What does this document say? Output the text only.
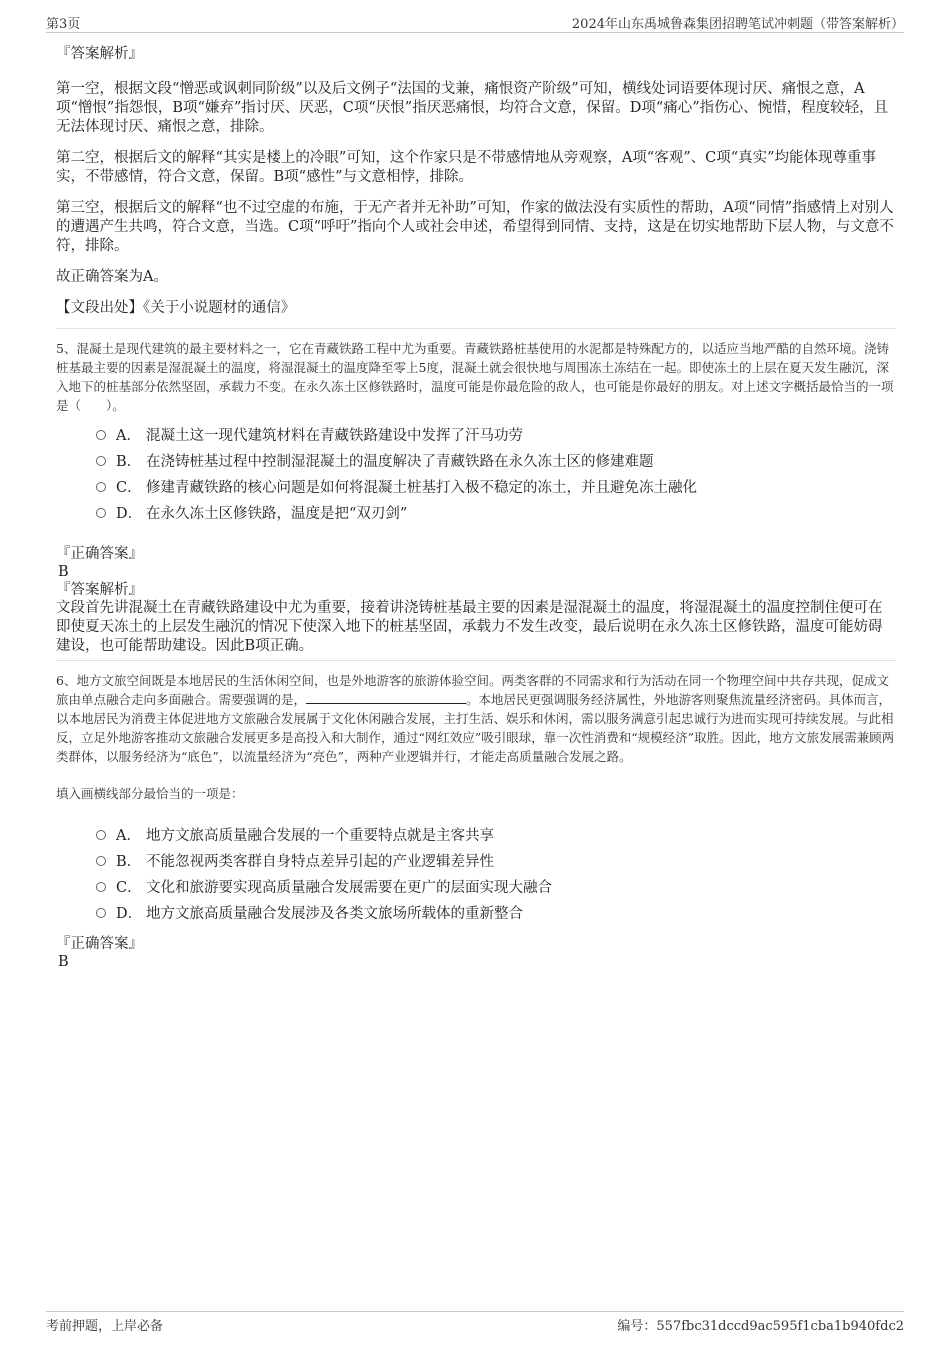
第3页	2024年山东禹城鲁森集团招聘笔试冲刺题（带答案解析）
『答案解析』

第一空，根据文段“憎恶或讽刺同阶级”以及后文例子“法国的戈兼，痛恨资产阶级”可知，横线处词语要体现讨厌、痛恨之意，A项“憎恨”指怨恨，B项“嫌弃”指讨厌、厌恶，C项“厌恨”指厌恶痛恨，均符合文意，保留。D项“痛心”指伤心、惋惜，程度较轻，且无法体现讨厌、痛恨之意，排除。

第二空，根据后文的解释“其实是楼上的冷眼”可知，这个作家只是不带感情地从旁观察，A项“客观”、C项“真实”均能体现尊重事实，不带感情，符合文意，保留。B项“感性”与文意相悖，排除。

第三空，根据后文的解释“也不过空虚的布施，于无产者并无补助”可知，作家的做法没有实质性的帮助，A项“同情”指感情上对别人的遭遇产生共鸣，符合文意，当选。C项“呼吁”指向个人或社会申述，希望得到同情、支持，这是在切实地帮助下层人物，与文意不符，排除。

故正确答案为A。

【文段出处】《关于小说题材的通信》

5、混凝土是现代建筑的最主要材料之一，它在青藏铁路工程中尤为重要。青藏铁路桩基使用的水泥都是特殊配方的，以适应当地严酷的自然环境。浇铸桩基最主要的因素是湿混凝土的温度，将湿混凝土的温度降至零上5度，混凝土就会很快地与周围冻土冻结在一起。即使冻土的上层在夏天发生融沉，深入地下的桩基部分依然坚固，承载力不变。在永久冻土区修铁路时，温度可能是你最危险的敌人，也可能是你最好的朋友。对上述文字概括最恰当的一项是（　　）。

A． 混凝土这一现代建筑材料在青藏铁路建设中发挥了汗马功劳
B． 在浇铸桩基过程中控制湿混凝土的温度解决了青藏铁路在永久冻土区的修建难题
C． 修建青藏铁路的核心问题是如何将混凝土桩基打入极不稳定的冻土，并且避免冻土融化
D． 在永久冻土区修铁路，温度是把“双刃剑”

『正确答案』

B

『答案解析』

文段首先讲混凝土在青藏铁路建设中尤为重要，接着讲浇铸桩基最主要的因素是湿混凝土的温度，将湿混凝土的温度控制住便可在即使夏天冻土的上层发生融沉的情况下使深入地下的桩基坚固，承载力不发生改变，最后说明在永久冻土区修铁路，温度可能妨碍建设，也可能帮助建设。因此B项正确。

6、地方文旅空间既是本地居民的生活休闲空间，也是外地游客的旅游体验空间。两类客群的不同需求和行为活动在同一个物理空间中共存共现，促成文旅由单点融合走向多面融合。需要强调的是，	。本地居民更强调服务经济属性，外地游客则聚焦流量经济密码。具体而言，以本地居民为消费主体促进地方文旅融合发展属于文化休闲融合发展，主打生活、娱乐和休闲，需以服务满意引起忠诚行为进而实现可持续发展。与此相反，立足外地游客推动文旅融合发展更多是高投入和大制作，通过“网红效应”吸引眼球，靠一次性消费和“规模经济”取胜。因此，地方文旅发展需兼顾两类群体，以服务经济为“底色”，以流量经济为“亮色”，两种产业逻辑并行，才能走高质量融合发展之路。

填入画横线部分最恰当的一项是：

A． 地方文旅高质量融合发展的一个重要特点就是主客共享
B． 不能忽视两类客群自身特点差异引起的产业逻辑差异性
C． 文化和旅游要实现高质量融合发展需要在更广的层面实现大融合
D． 地方文旅高质量融合发展涉及各类文旅场所载体的重新整合

『正确答案』

B

考前押题，上岸必备	编号：557fbc31dccd9ac595f1cba1b940fdc2
